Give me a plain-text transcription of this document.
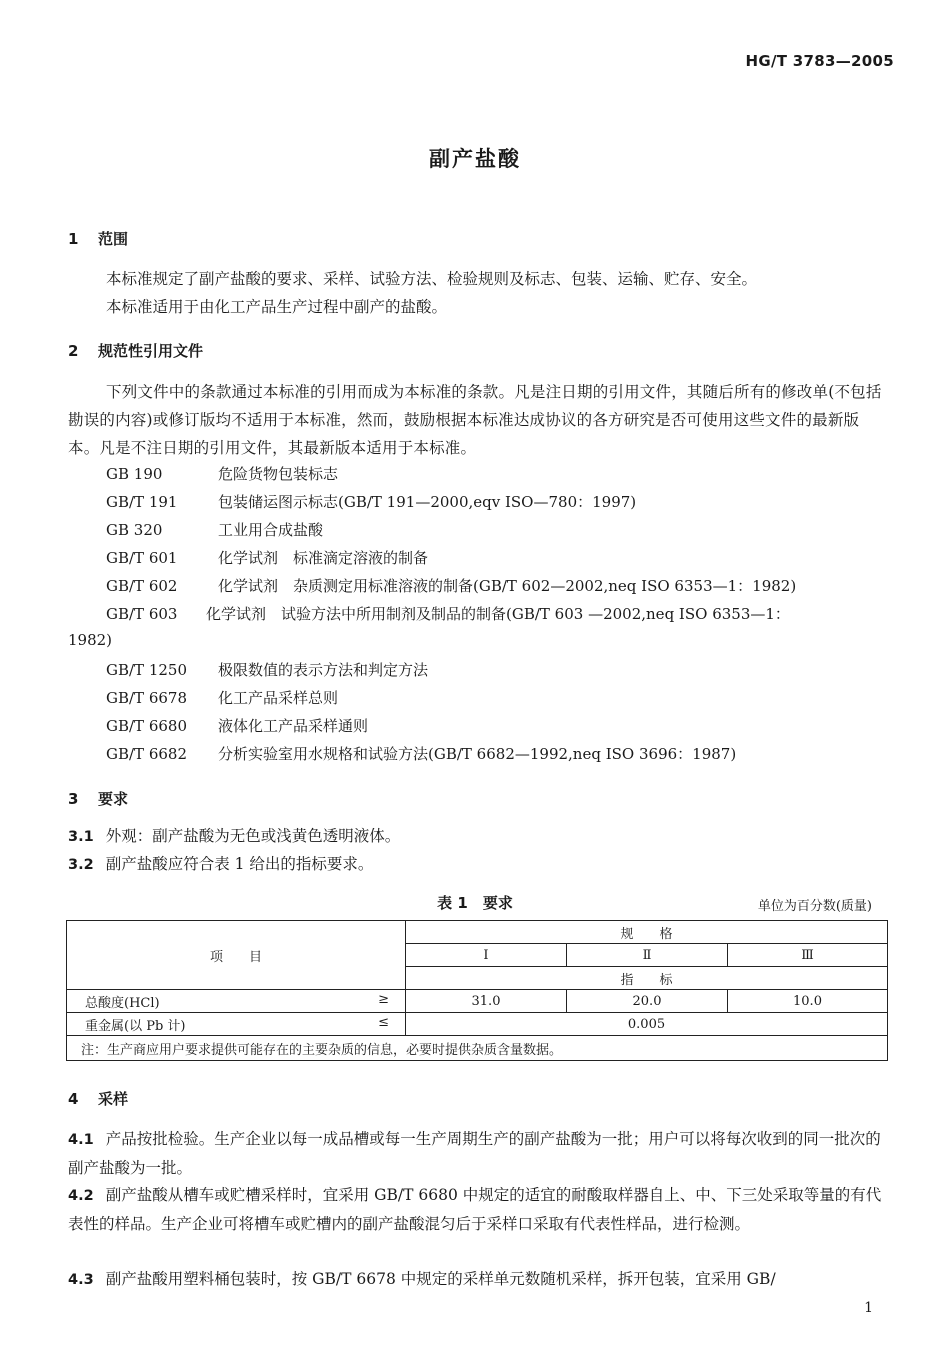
HG/T 3783—2005
副产盐酸
1 范围
本标准规定了副产盐酸的要求、采样、试验方法、检验规则及标志、包装、运输、贮存、安全。
本标准适用于由化工产品生产过程中副产的盐酸。
2 规范性引用文件
下列文件中的条款通过本标准的引用而成为本标准的条款。凡是注日期的引用文件，其随后所有的修改单(不包括勘误的内容)或修订版均不适用于本标准，然而，鼓励根据本标准达成协议的各方研究是否可使用这些文件的最新版本。凡是不注日期的引用文件，其最新版本适用于本标准。
GB 190	危险货物包装标志
GB/T 191	包装储运图示标志(GB/T 191—2000,eqv ISO—780：1997)
GB 320	工业用合成盐酸
GB/T 601	化学试剂　标准滴定溶液的制备
GB/T 602	化学试剂　杂质测定用标准溶液的制备(GB/T 602—2002,neq ISO 6353—1：1982)
GB/T 603 化学试剂　试验方法中所用制剂及制品的制备(GB/T 603 —2002,neq ISO 6353—1：
1982)
GB/T 1250 极限数值的表示方法和判定方法
GB/T 6678 化工产品采样总则
GB/T 6680 液体化工产品采样通则
GB/T 6682 分析实验室用水规格和试验方法(GB/T 6682—1992,neq ISO 3696：1987)
3 要求
3.1 外观：副产盐酸为无色或浅黄色透明液体。
3.2 副产盐酸应符合表 1 给出的指标要求。
表 1　要求	单位为百分数(质量)
项　　目	规　　格		
	Ⅰ	Ⅱ	Ⅲ
	指　　标		
总酸度(HCl) ≥	31.0	20.0	10.0
重金属(以 Pb 计) ≤	0.005		
注：生产商应用户要求提供可能存在的主要杂质的信息，必要时提供杂质含量数据。			
4 采样
4.1 产品按批检验。生产企业以每一成品槽或每一生产周期生产的副产盐酸为一批；用户可以将每次收到的同一批次的副产盐酸为一批。
4.2 副产盐酸从槽车或贮槽采样时，宜采用 GB/T 6680 中规定的适宜的耐酸取样器自上、中、下三处采取等量的有代表性的样品。生产企业可将槽车或贮槽内的副产盐酸混匀后于采样口采取有代表性样品，进行检测。
4.3 副产盐酸用塑料桶包装时，按 GB/T 6678 中规定的采样单元数随机采样，拆开包装，宜采用 GB/
1
